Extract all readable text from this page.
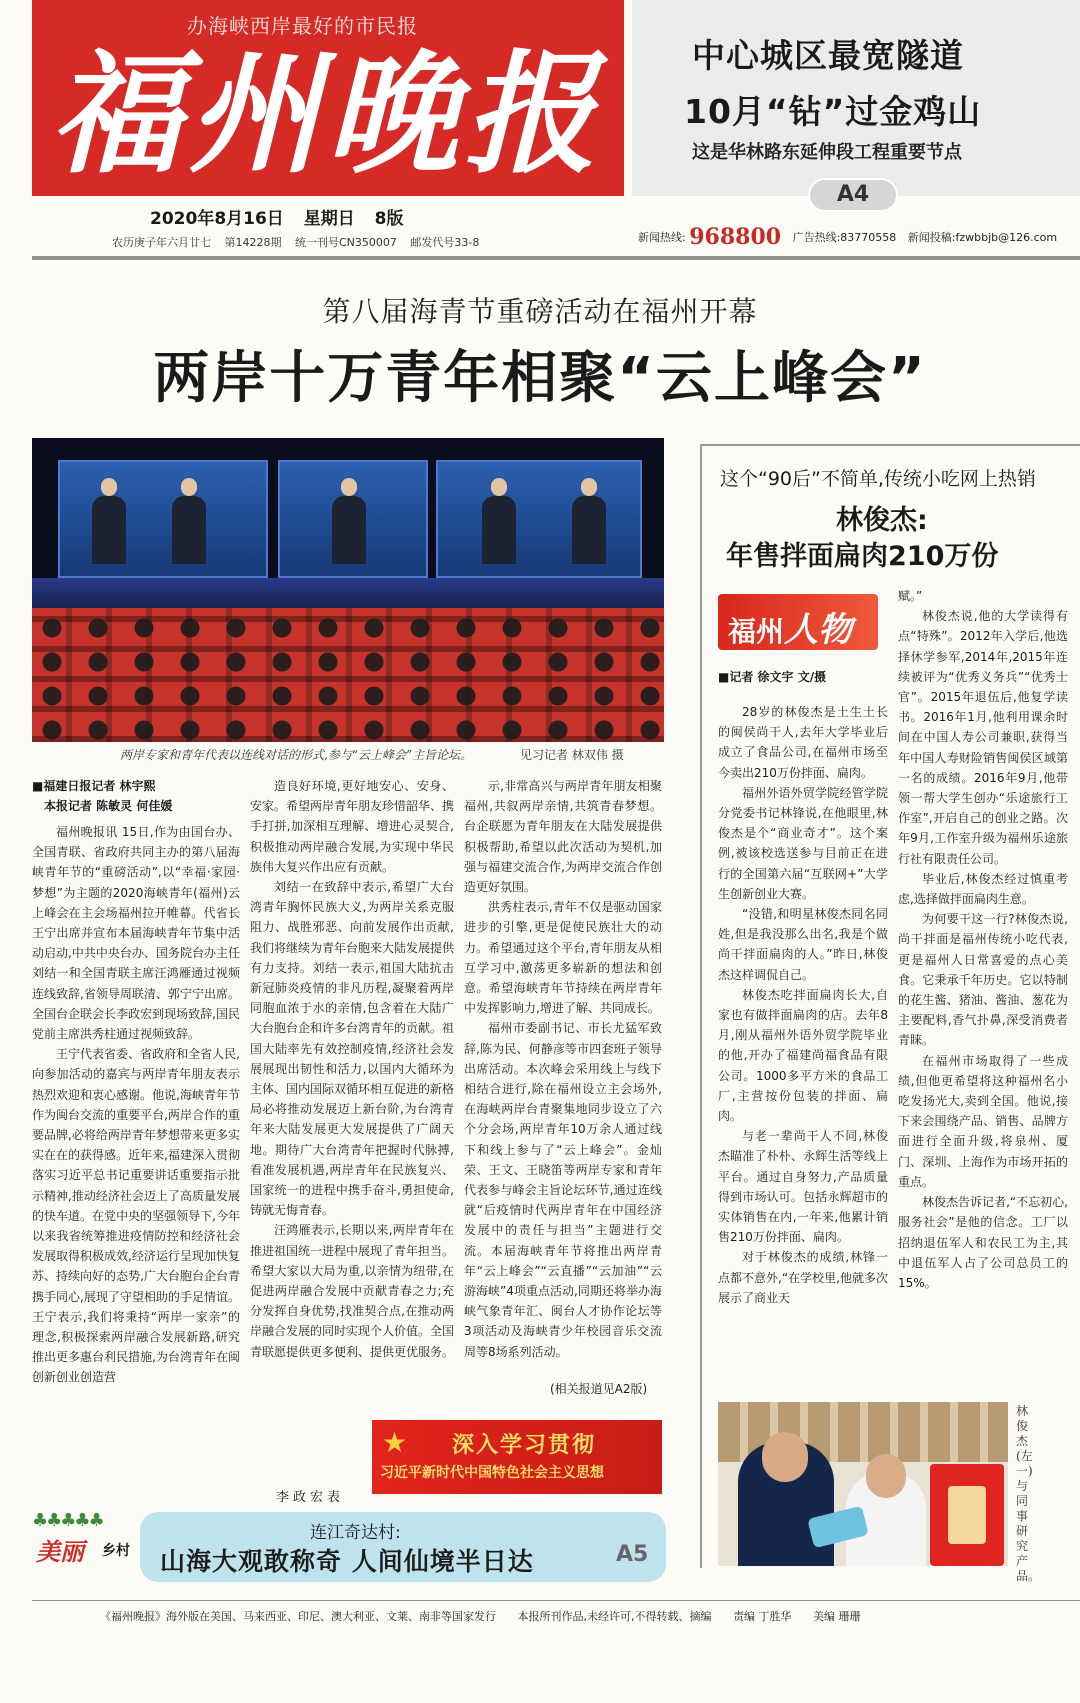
办海峡西岸最好的市民报
福州晚报
2020年8月16日 星期日 8版
农历庚子年六月廿七 第14228期 统一刊号CN350007 邮发代号33-8
中心城区最宽隧道
10月“钻”过金鸡山
这是华林路东延伸段工程重要节点
A4
新闻热线: 968800 广告热线:83770558 新闻投稿:fzwbbjb@126.com
第八届海青节重磅活动在福州开幕
两岸十万青年相聚“云上峰会”
两岸专家和青年代表以连线对话的形式,参与“云上峰会”主旨论坛。	见习记者 林双伟 摄
■福建日报记者 林宇熙
本报记者 陈敏灵 何佳媛

福州晚报讯 15日,作为由国台办、全国青联、省政府共同主办的第八届海峡青年节的“重磅活动”,以“幸福·家园·梦想”为主题的2020海峡青年(福州)云上峰会在主会场福州拉开帷幕。代省长王宁出席并宣布本届海峡青年节集中活动启动,中共中央台办、国务院台办主任刘结一和全国青联主席汪鸿雁通过视频连线致辞,省领导周联清、郭宁宁出席。全国台企联会长李政宏到现场致辞,国民党前主席洪秀柱通过视频致辞。

王宁代表省委、省政府和全省人民,向参加活动的嘉宾与两岸青年朋友表示热烈欢迎和衷心感谢。他说,海峡青年节作为闽台交流的重要平台,两岸合作的重要品牌,必将给两岸青年梦想带来更多实实在在的获得感。近年来,福建深入贯彻落实习近平总书记重要讲话重要指示批示精神,推动经济社会迈上了高质量发展的快车道。在党中央的坚强领导下,今年以来我省统筹推进疫情防控和经济社会发展取得积极成效,经济运行呈现加快复苏、持续向好的态势,广大台胞台企台青携手同心,展现了守望相助的手足情谊。王宁表示,我们将秉持“两岸一家亲”的理念,积极探索两岸融合发展新路,研究推出更多惠台利民措施,为台湾青年在闽创新创业创造营

造良好环境,更好地安心、安身、安家。希望两岸青年朋友珍惜韶华、携手打拼,加深相互理解、增进心灵契合,积极推动两岸融合发展,为实现中华民族伟大复兴作出应有贡献。

刘结一在致辞中表示,希望广大台湾青年胸怀民族大义,为两岸关系克服阻力、战胜邪恶、向前发展作出贡献,我们将继续为青年台胞来大陆发展提供有力支持。刘结一表示,祖国大陆抗击新冠肺炎疫情的非凡历程,凝聚着两岸同胞血浓于水的亲情,包含着在大陆广大台胞台企和许多台湾青年的贡献。祖国大陆率先有效控制疫情,经济社会发展展现出韧性和活力,以国内大循环为主体、国内国际双循环相互促进的新格局必将推动发展迈上新台阶,为台湾青年来大陆发展更大发展提供了广阔天地。期待广大台湾青年把握时代脉搏,看准发展机遇,两岸青年在民族复兴、国家统一的进程中携手奋斗,勇担使命,铸就无悔青春。

汪鸿雁表示,长期以来,两岸青年在推进祖国统一进程中展现了青年担当。希望大家以大局为重,以亲情为纽带,在促进两岸融合发展中贡献青春之力;充分发挥自身优势,找准契合点,在推动两岸融合发展的同时实现个人价值。全国青联愿提供更多便利、提供更优服务。

李政宏表

示,非常高兴与两岸青年朋友相聚福州,共叙两岸亲情,共筑青春梦想。台企联愿为青年朋友在大陆发展提供积极帮助,希望以此次活动为契机,加强与福建交流合作,为两岸交流合作创造更好氛围。

洪秀柱表示,青年不仅是驱动国家进步的引擎,更是促使民族壮大的动力。希望通过这个平台,青年朋友从相互学习中,激荡更多崭新的想法和创意。希望海峡青年节持续在两岸青年中发挥影响力,增进了解、共同成长。

福州市委副书记、市长尤猛军致辞,陈为民、何静彦等市四套班子领导出席活动。本次峰会采用线上与线下相结合进行,除在福州设立主会场外,在海峡两岸台青聚集地同步设立了六个分会场,两岸青年10万余人通过线下和线上参与了“云上峰会”。金灿荣、王文、王晓笛等两岸专家和青年代表参与峰会主旨论坛环节,通过连线就“后疫情时代两岸青年在中国经济发展中的责任与担当”主题进行交流。本届海峡青年节将推出两岸青年“云上峰会”“云直播”“云加油”“云游海峡”4项重点活动,同期还将举办海峡气象青年汇、闽台人才协作论坛等3项活动及海峡青少年校园音乐交流周等8场系列活动。

(相关报道见A2版)
★ 深入学习贯彻
习近平新时代中国特色社会主义思想
这个“90后”不简单,传统小吃网上热销
林俊杰:
年售拌面扁肉210万份
福州人物
■记者 徐文宇 文/摄

28岁的林俊杰是土生土长的闽侯尚干人,去年大学毕业后成立了食品公司,在福州市场至今卖出210万份拌面、扁肉。

福州外语外贸学院经管学院分党委书记林锋说,在他眼里,林俊杰是个“商业奇才”。这个案例,被该校选送参与目前正在进行的全国第六届“互联网+”大学生创新创业大赛。

“没错,和明星林俊杰同名同姓,但是我没那么出名,我是个做尚干拌面扁肉的人。”昨日,林俊杰这样调侃自己。

林俊杰吃拌面扁肉长大,自家也有做拌面扁肉的店。去年8月,刚从福州外语外贸学院毕业的他,开办了福建尚福食品有限公司。1000多平方米的食品工厂,主营按份包装的拌面、扁肉。

与老一辈尚干人不同,林俊杰瞄准了朴朴、永辉生活等线上平台。通过自身努力,产品质量得到市场认可。包括永辉超市的实体销售在内,一年来,他累计销售210万份拌面、扁肉。

对于林俊杰的成绩,林锋一点都不意外,“在学校里,他就多次展示了商业天

赋。”

林俊杰说,他的大学读得有点“特殊”。2012年入学后,他选择休学参军,2014年,2015年连续被评为“优秀义务兵”“优秀士官”。2015年退伍后,他复学读书。2016年1月,他利用课余时间在中国人寿公司兼职,获得当年中国人寿财险销售闽侯区域第一名的成绩。2016年9月,他带领一帮大学生创办“乐途旅行工作室”,开启自己的创业之路。次年9月,工作室升级为福州乐途旅行社有限责任公司。

毕业后,林俊杰经过慎重考虑,选择做拌面扁肉生意。

为何要干这一行?林俊杰说,尚干拌面是福州传统小吃代表,更是福州人日常喜爱的点心美食。它秉承千年历史。它以特制的花生酱、猪油、酱油、葱花为主要配料,香气扑鼻,深受消费者青睐。

在福州市场取得了一些成绩,但他更希望将这种福州名小吃发扬光大,卖到全国。他说,接下来会围绕产品、销售、品牌方面进行全面升级,将泉州、厦门、深圳、上海作为市场开拓的重点。

林俊杰告诉记者,“不忘初心,服务社会”是他的信念。工厂以招纳退伍军人和农民工为主,其中退伍军人占了公司总员工的15%。

林俊杰(左一)与同事研究产品。
♣♣♣♣♣
美丽 乡村
连江奇达村:
山海大观敢称奇 人间仙境半日达	A5
《福州晚报》海外版在美国、马来西亚、印尼、澳大利亚、文莱、南非等国家发行 本报所刊作品,未经许可,不得转载、摘编 责编 丁胜华 美编 珊珊
